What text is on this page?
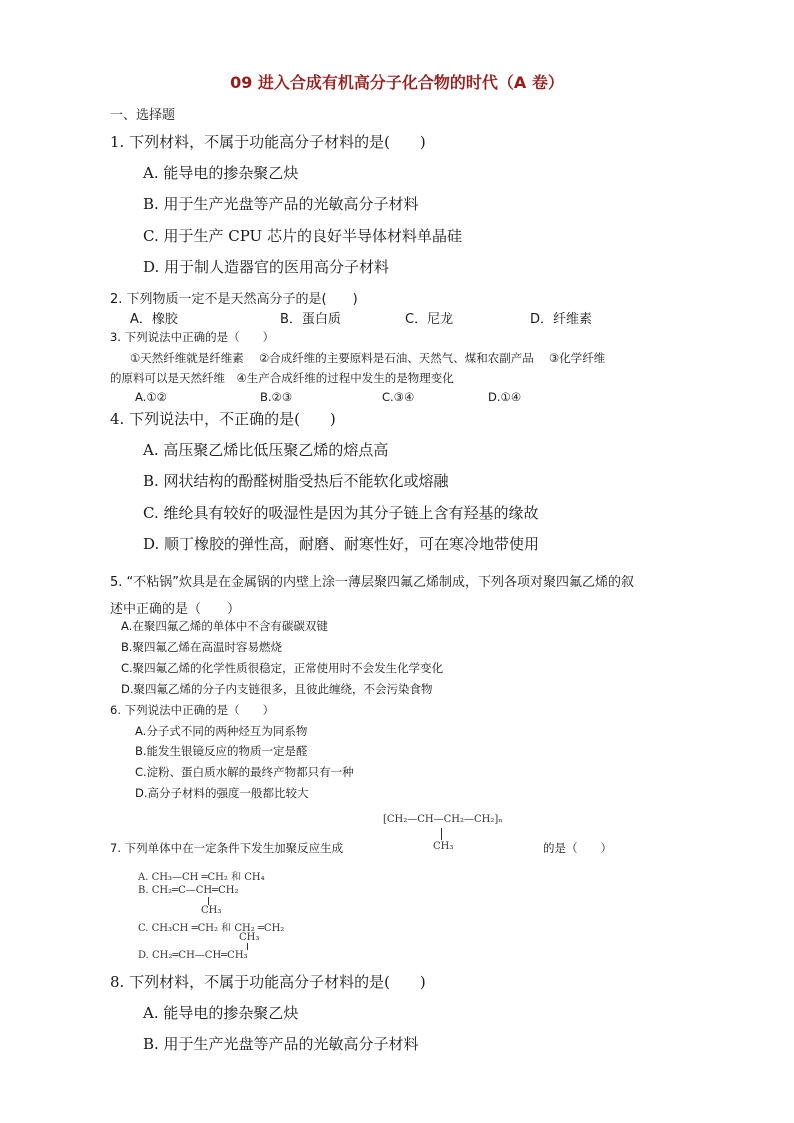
09 进入合成有机高分子化合物的时代（A 卷）
一、选择题
1. 下列材料，不属于功能高分子材料的是(　　)
A. 能导电的掺杂聚乙炔
B. 用于生产光盘等产品的光敏高分子材料
C. 用于生产 CPU 芯片的良好半导体材料单晶硅
D. 用于制人造器官的医用高分子材料
2. 下列物质一定不是天然高分子的是(　　)
A．橡胶	B．蛋白质	C．尼龙	D．纤维素
3. 下列说法中正确的是（　　）
①天然纤维就是纤维素　 ②合成纤维的主要原料是石油、天然气、煤和农副产品　 ③化学纤维
的原料可以是天然纤维　④生产合成纤维的过程中发生的是物理变化
A.①②	B.②③	C.③④	D.①④
4. 下列说法中，不正确的是(　　)
A. 高压聚乙烯比低压聚乙烯的熔点高
B. 网状结构的酚醛树脂受热后不能软化或熔融
C. 维纶具有较好的吸湿性是因为其分子链上含有羟基的缘故
D. 顺丁橡胶的弹性高，耐磨、耐寒性好，可在寒冷地带使用
5. “不粘锅”炊具是在金属锅的内壁上涂一薄层聚四氟乙烯制成，下列各项对聚四氟乙烯的叙
述中正确的是（　　）
A.在聚四氟乙烯的单体中不含有碳碳双键
B.聚四氟乙烯在高温时容易燃烧
C.聚四氟乙烯的化学性质很稳定，正常使用时不会发生化学变化
D.聚四氟乙烯的分子内支链很多，且彼此缠绕，不会污染食物
6. 下列说法中正确的是（　　）
A.分子式不同的两种烃互为同系物
B.能发生银镜反应的物质一定是醛
C.淀粉、蛋白质水解的最终产物都只有一种
D.高分子材料的强度一般都比较大
[CH₂—CH—CH₂—CH₂]ₙ
CH₃
7. 下列单体中在一定条件下发生加聚反应生成	的是（　　）
A. CH₃—CH ═CH₂ 和 CH₄
B. CH₂═C—CH═CH₂
CH₃
C. CH₃CH ═CH₂ 和 CH₂ ═CH₂
CH₃
D. CH₂═CH—CH═CH₃
8. 下列材料，不属于功能高分子材料的是(　　)
A. 能导电的掺杂聚乙炔
B. 用于生产光盘等产品的光敏高分子材料
